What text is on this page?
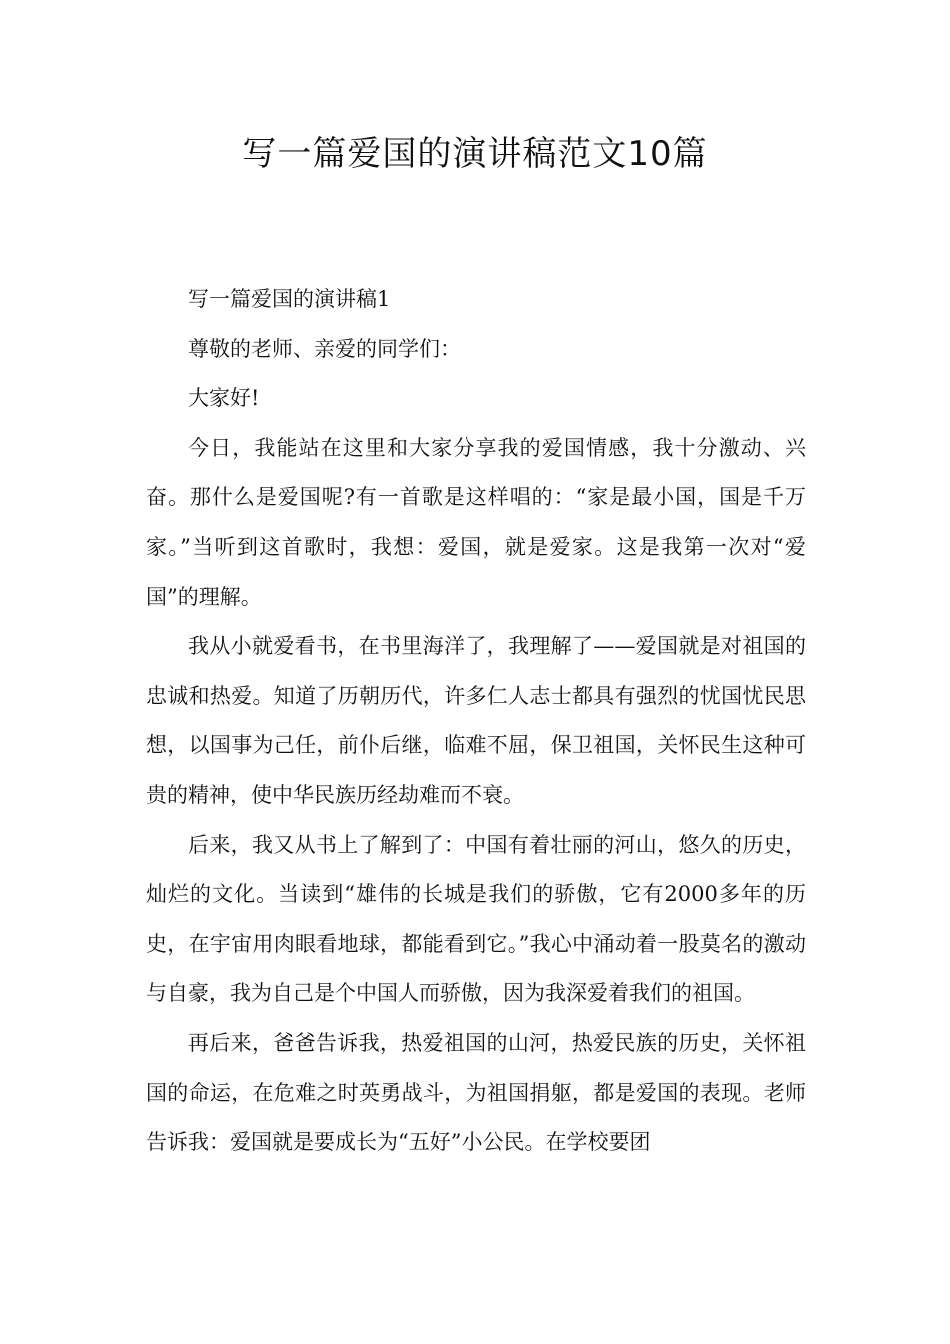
写一篇爱国的演讲稿范文10篇

写一篇爱国的演讲稿1

尊敬的老师、亲爱的同学们：

大家好!

今日，我能站在这里和大家分享我的爱国情感，我十分激动、兴奋。那什么是爱国呢?有一首歌是这样唱的：“家是最小国，国是千万家。”当听到这首歌时，我想：爱国，就是爱家。这是我第一次对“爱国”的理解。

我从小就爱看书，在书里海洋了，我理解了——爱国就是对祖国的忠诚和热爱。知道了历朝历代，许多仁人志士都具有强烈的忧国忧民思想，以国事为己任，前仆后继，临难不屈，保卫祖国，关怀民生这种可贵的精神，使中华民族历经劫难而不衰。

后来，我又从书上了解到了：中国有着壮丽的河山，悠久的历史，灿烂的文化。当读到“雄伟的长城是我们的骄傲，它有2000多年的历史，在宇宙用肉眼看地球，都能看到它。”我心中涌动着一股莫名的激动与自豪，我为自己是个中国人而骄傲，因为我深爱着我们的祖国。

再后来，爸爸告诉我，热爱祖国的山河，热爱民族的历史，关怀祖国的命运，在危难之时英勇战斗，为祖国捐躯，都是爱国的表现。老师告诉我：爱国就是要成长为“五好”小公民。在学校要团
